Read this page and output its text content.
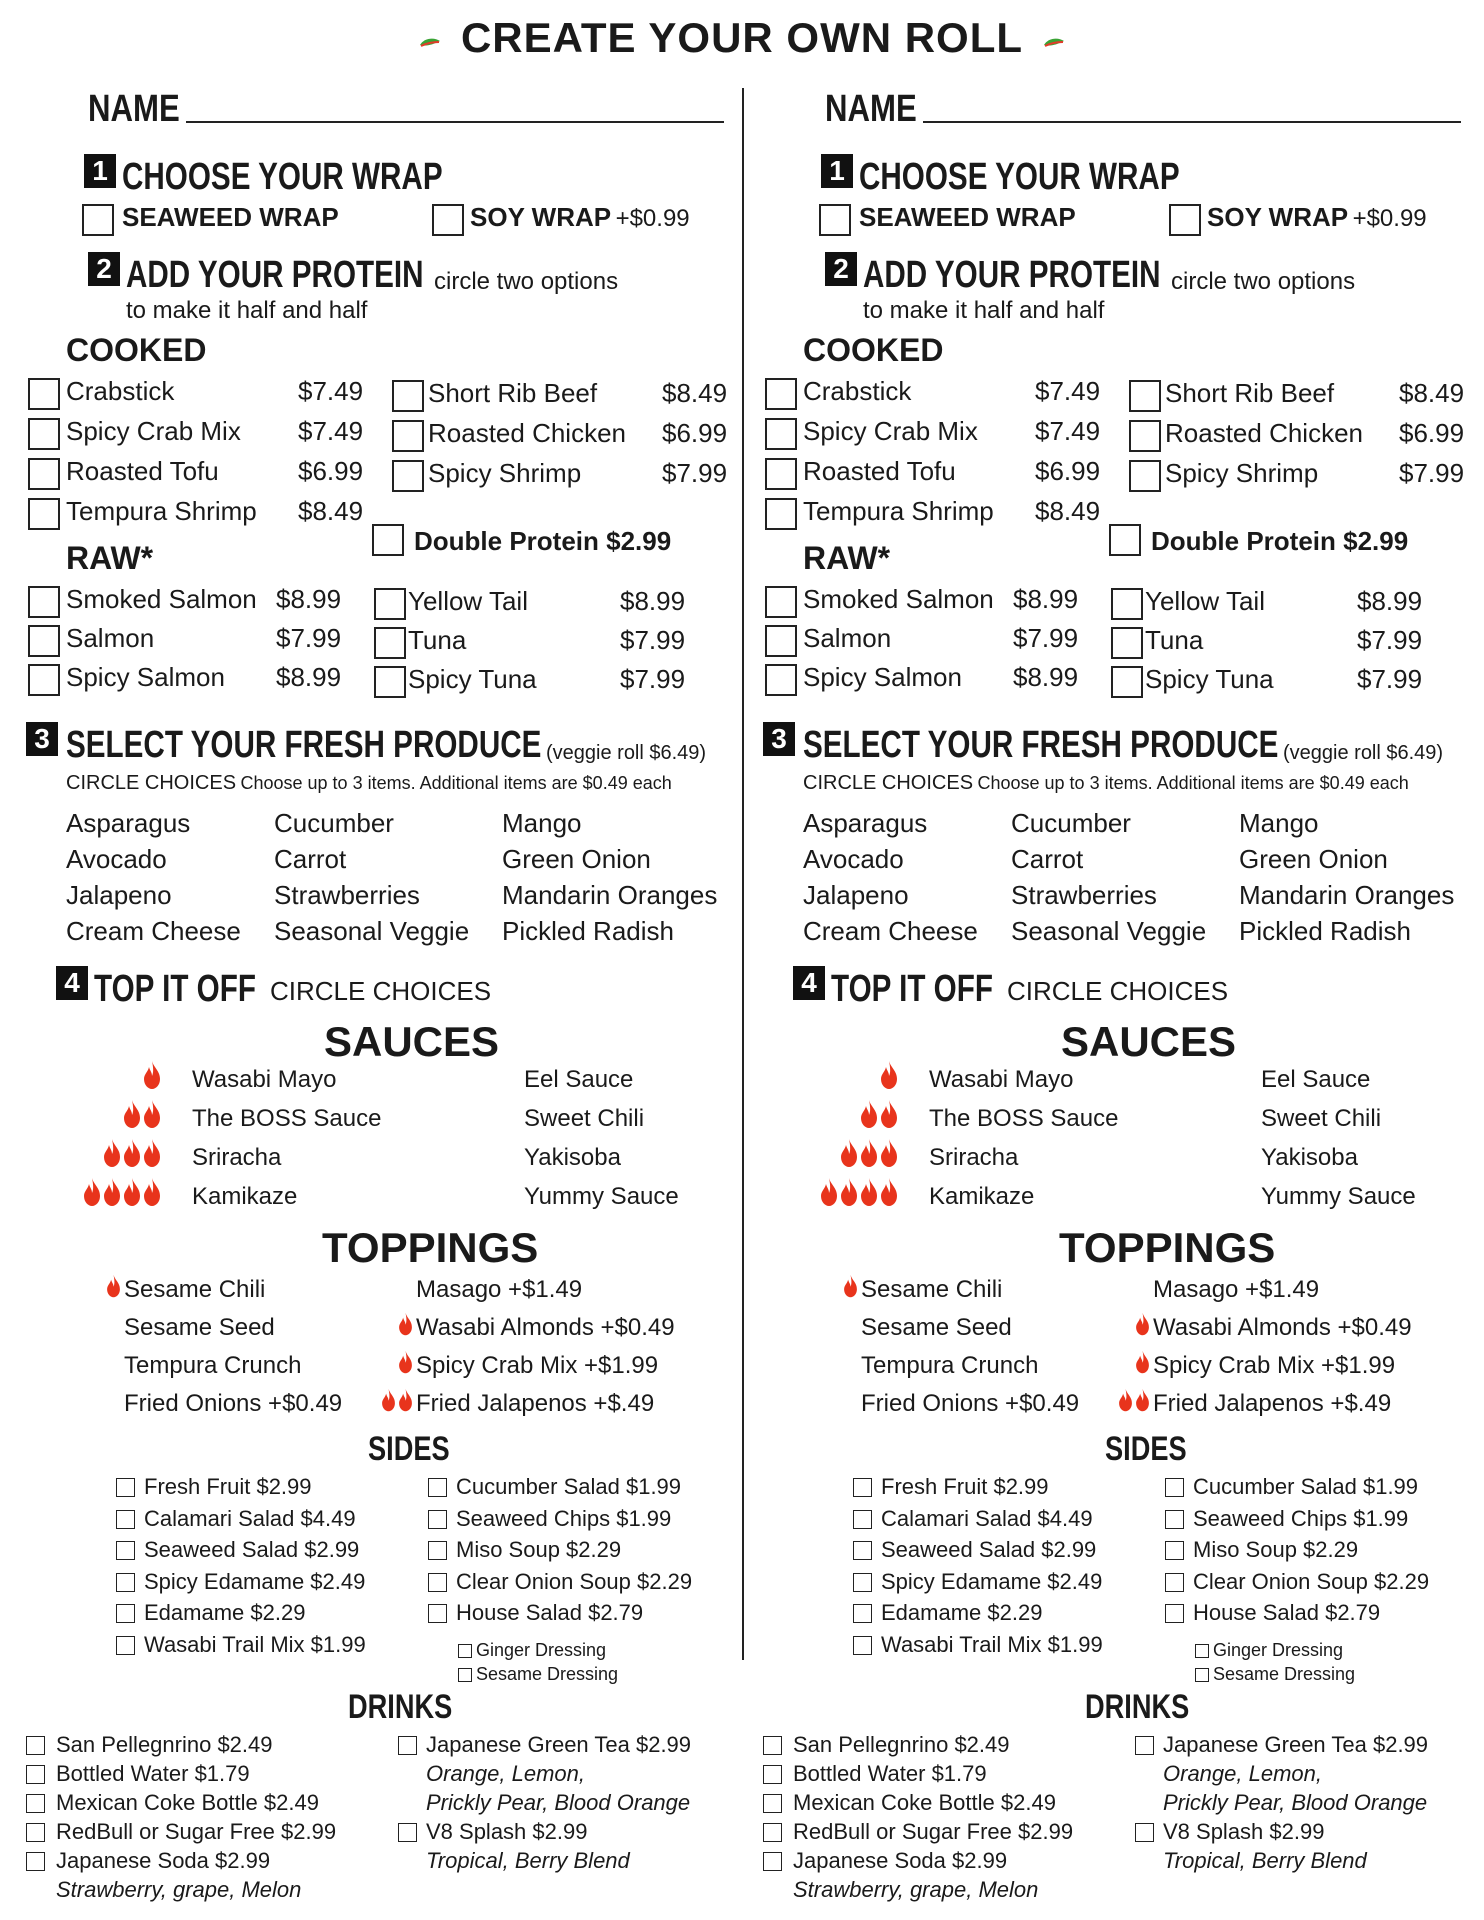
CREATE YOUR OWN ROLL
NAME
1 CHOOSE YOUR WRAP
SEAWEED WRAP	SOY WRAP +$0.99
2 ADD YOUR PROTEIN circle two options
to make it half and half
COOKED
Crabstick	$7.49
Spicy Crab Mix $7.49
Roasted Tofu	$6.99
Tempura Shrimp $8.49
Short Rib Beef $8.49
Roasted Chicken $6.99
Spicy Shrimp	$7.99
Double Protein $2.99
RAW*
Smoked Salmon $8.99
Salmon	$7.99
Spicy Salmon $8.99
Yellow Tail	$8.99
Tuna	$7.99
Spicy Tuna	$7.99
3 SELECT YOUR FRESH PRODUCE (veggie roll $6.49)
CIRCLE CHOICES Choose up to 3 items. Additional items are $0.49 each
Asparagus
Avocado
Jalapeno
Cream Cheese
Cucumber
Carrot
Strawberries
Seasonal Veggie
Mango
Green Onion
Mandarin Oranges
Pickled Radish
4 TOP IT OFF CIRCLE CHOICES
SAUCES
Wasabi Mayo
The BOSS Sauce
Sriracha
Kamikaze
Eel Sauce
Sweet Chili
Yakisoba
Yummy Sauce
TOPPINGS
Sesame Chili
Sesame Seed
Tempura Crunch
Fried Onions +$0.49
Masago +$1.49
Wasabi Almonds +$0.49
Spicy Crab Mix +$1.99
Fried Jalapenos +$.49
SIDES
Fresh Fruit $2.99
Calamari Salad $4.49
Seaweed Salad $2.99
Spicy Edamame $2.49
Edamame $2.29
Wasabi Trail Mix $1.99
Cucumber Salad $1.99
Seaweed Chips $1.99
Miso Soup $2.29
Clear Onion Soup $2.29
House Salad $2.79
Ginger Dressing
Sesame Dressing
DRINKS
San Pellegnrino $2.49
Bottled Water $1.79
Mexican Coke Bottle $2.49
RedBull or Sugar Free $2.99
Japanese Soda $2.99
Strawberry, grape, Melon
Japanese Green Tea $2.99
Orange, Lemon,
Prickly Pear, Blood Orange
V8 Splash $2.99
Tropical, Berry Blend
NAME
1 CHOOSE YOUR WRAP
SEAWEED WRAP	SOY WRAP +$0.99
2 ADD YOUR PROTEIN circle two options
to make it half and half
COOKED
Crabstick	$7.49
Spicy Crab Mix $7.49
Roasted Tofu	$6.99
Tempura Shrimp $8.49
Short Rib Beef $8.49
Roasted Chicken $6.99
Spicy Shrimp	$7.99
Double Protein $2.99
RAW*
Smoked Salmon $8.99
Salmon	$7.99
Spicy Salmon $8.99
Yellow Tail	$8.99
Tuna	$7.99
Spicy Tuna	$7.99
3 SELECT YOUR FRESH PRODUCE (veggie roll $6.49)
CIRCLE CHOICES Choose up to 3 items. Additional items are $0.49 each
Asparagus
Avocado
Jalapeno
Cream Cheese
Cucumber
Carrot
Strawberries
Seasonal Veggie
Mango
Green Onion
Mandarin Oranges
Pickled Radish
4 TOP IT OFF CIRCLE CHOICES
SAUCES
Wasabi Mayo
The BOSS Sauce
Sriracha
Kamikaze
Eel Sauce
Sweet Chili
Yakisoba
Yummy Sauce
TOPPINGS
Sesame Chili
Sesame Seed
Tempura Crunch
Fried Onions +$0.49
Masago +$1.49
Wasabi Almonds +$0.49
Spicy Crab Mix +$1.99
Fried Jalapenos +$.49
SIDES
Fresh Fruit $2.99
Calamari Salad $4.49
Seaweed Salad $2.99
Spicy Edamame $2.49
Edamame $2.29
Wasabi Trail Mix $1.99
Cucumber Salad $1.99
Seaweed Chips $1.99
Miso Soup $2.29
Clear Onion Soup $2.29
House Salad $2.79
Ginger Dressing
Sesame Dressing
DRINKS
San Pellegnrino $2.49
Bottled Water $1.79
Mexican Coke Bottle $2.49
RedBull or Sugar Free $2.99
Japanese Soda $2.99
Strawberry, grape, Melon
Japanese Green Tea $2.99
Orange, Lemon,
Prickly Pear, Blood Orange
V8 Splash $2.99
Tropical, Berry Blend
